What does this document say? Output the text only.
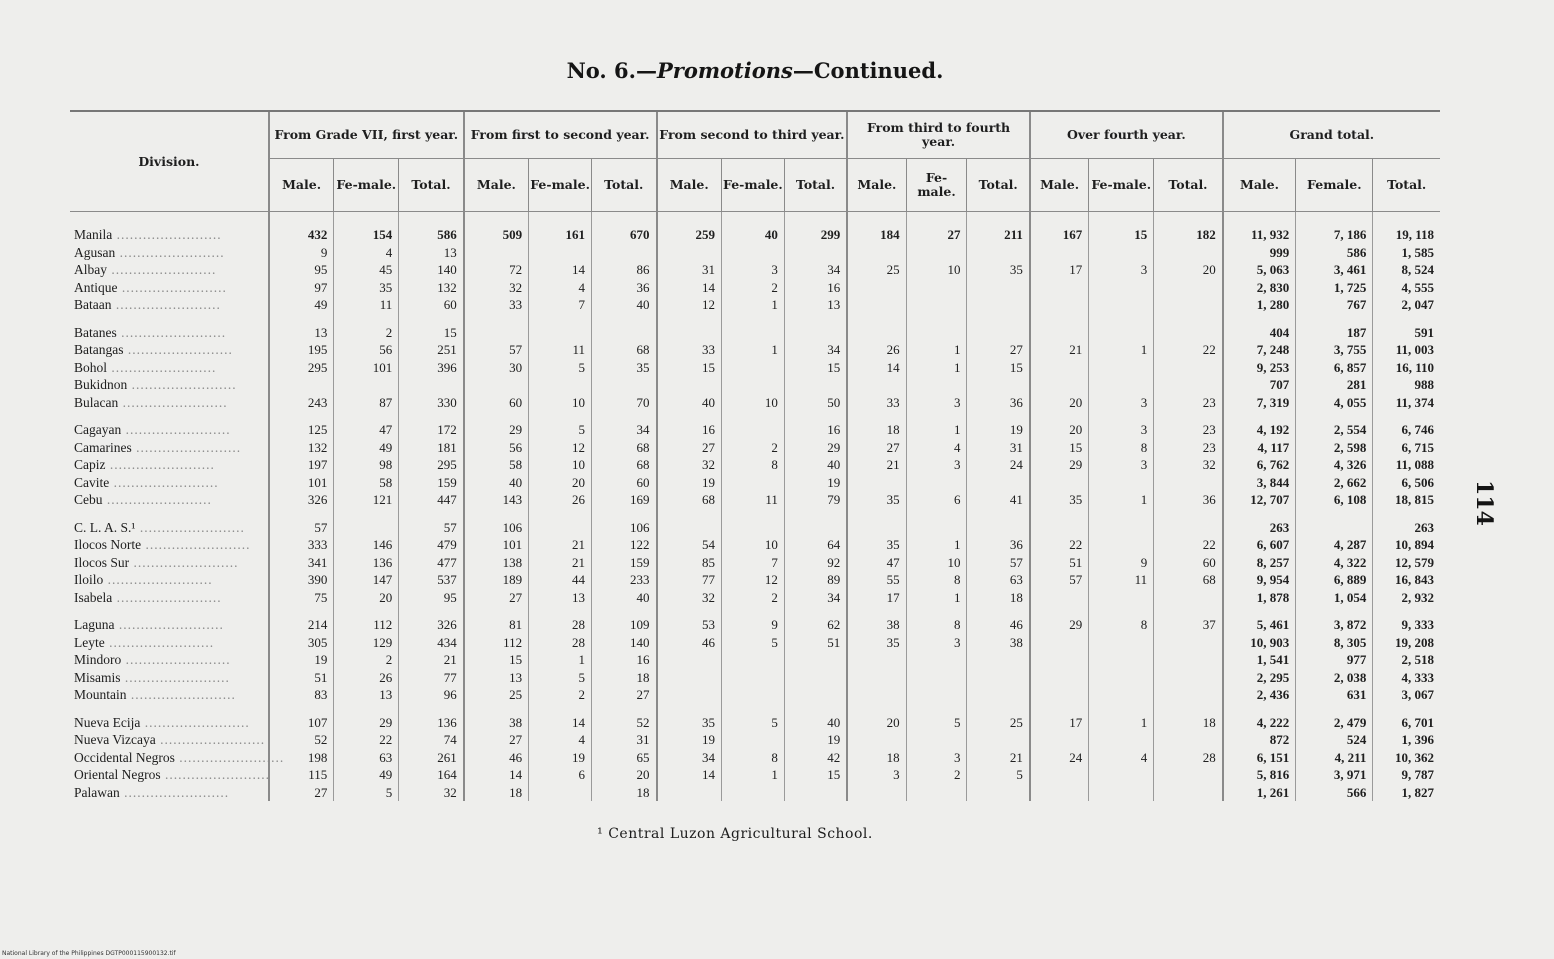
No. 6.—Promotions—Continued.
Division.	From Grade VII, first year.			From first to second year.			From second to third year.			From third to fourth year.			Over fourth year.			Grand total.		
	Male.	Fe-male.	Total.	Male.	Fe-male.	Total.	Male.	Fe-male.	Total.	Male.	Fe-male.	Total.	Male.	Fe-male.	Total.	Male.	Female.	Total.
Manila ........................	432	154	586	509	161	670	259	40	299	184	27	211	167	15	182	11, 932	7, 186	19, 118
Agusan ........................	9	4	13													999	586	1, 585
Albay ........................	95	45	140	72	14	86	31	3	34	25	10	35	17	3	20	5, 063	3, 461	8, 524
Antique ........................	97	35	132	32	4	36	14	2	16							2, 830	1, 725	4, 555
Bataan ........................	49	11	60	33	7	40	12	1	13							1, 280	767	2, 047

Batanes ........................	13	2	15													404	187	591
Batangas ........................	195	56	251	57	11	68	33	1	34	26	1	27	21	1	22	7, 248	3, 755	11, 003
Bohol ........................	295	101	396	30	5	35	15		15	14	1	15				9, 253	6, 857	16, 110
Bukidnon ........................																707	281	988
Bulacan ........................	243	87	330	60	10	70	40	10	50	33	3	36	20	3	23	7, 319	4, 055	11, 374

Cagayan ........................	125	47	172	29	5	34	16		16	18	1	19	20	3	23	4, 192	2, 554	6, 746
Camarines ........................	132	49	181	56	12	68	27	2	29	27	4	31	15	8	23	4, 117	2, 598	6, 715
Capiz ........................	197	98	295	58	10	68	32	8	40	21	3	24	29	3	32	6, 762	4, 326	11, 088
Cavite ........................	101	58	159	40	20	60	19		19							3, 844	2, 662	6, 506
Cebu ........................	326	121	447	143	26	169	68	11	79	35	6	41	35	1	36	12, 707	6, 108	18, 815

C. L. A. S.¹ ........................	57		57	106		106										263		263
Ilocos Norte ........................	333	146	479	101	21	122	54	10	64	35	1	36	22		22	6, 607	4, 287	10, 894
Ilocos Sur ........................	341	136	477	138	21	159	85	7	92	47	10	57	51	9	60	8, 257	4, 322	12, 579
Iloilo ........................	390	147	537	189	44	233	77	12	89	55	8	63	57	11	68	9, 954	6, 889	16, 843
Isabela ........................	75	20	95	27	13	40	32	2	34	17	1	18				1, 878	1, 054	2, 932

Laguna ........................	214	112	326	81	28	109	53	9	62	38	8	46	29	8	37	5, 461	3, 872	9, 333
Leyte ........................	305	129	434	112	28	140	46	5	51	35	3	38				10, 903	8, 305	19, 208
Mindoro ........................	19	2	21	15	1	16										1, 541	977	2, 518
Misamis ........................	51	26	77	13	5	18										2, 295	2, 038	4, 333
Mountain ........................	83	13	96	25	2	27										2, 436	631	3, 067

Nueva Ecija ........................	107	29	136	38	14	52	35	5	40	20	5	25	17	1	18	4, 222	2, 479	6, 701
Nueva Vizcaya ........................	52	22	74	27	4	31	19		19							872	524	1, 396
Occidental Negros ........................	198	63	261	46	19	65	34	8	42	18	3	21	24	4	28	6, 151	4, 211	10, 362
Oriental Negros ........................	115	49	164	14	6	20	14	1	15	3	2	5				5, 816	3, 971	9, 787
Palawan ........................	27	5	32	18		18										1, 261	566	1, 827
¹ Central Luzon Agricultural School.
114
National Library of the Philippines DGTP000115900132.tif
